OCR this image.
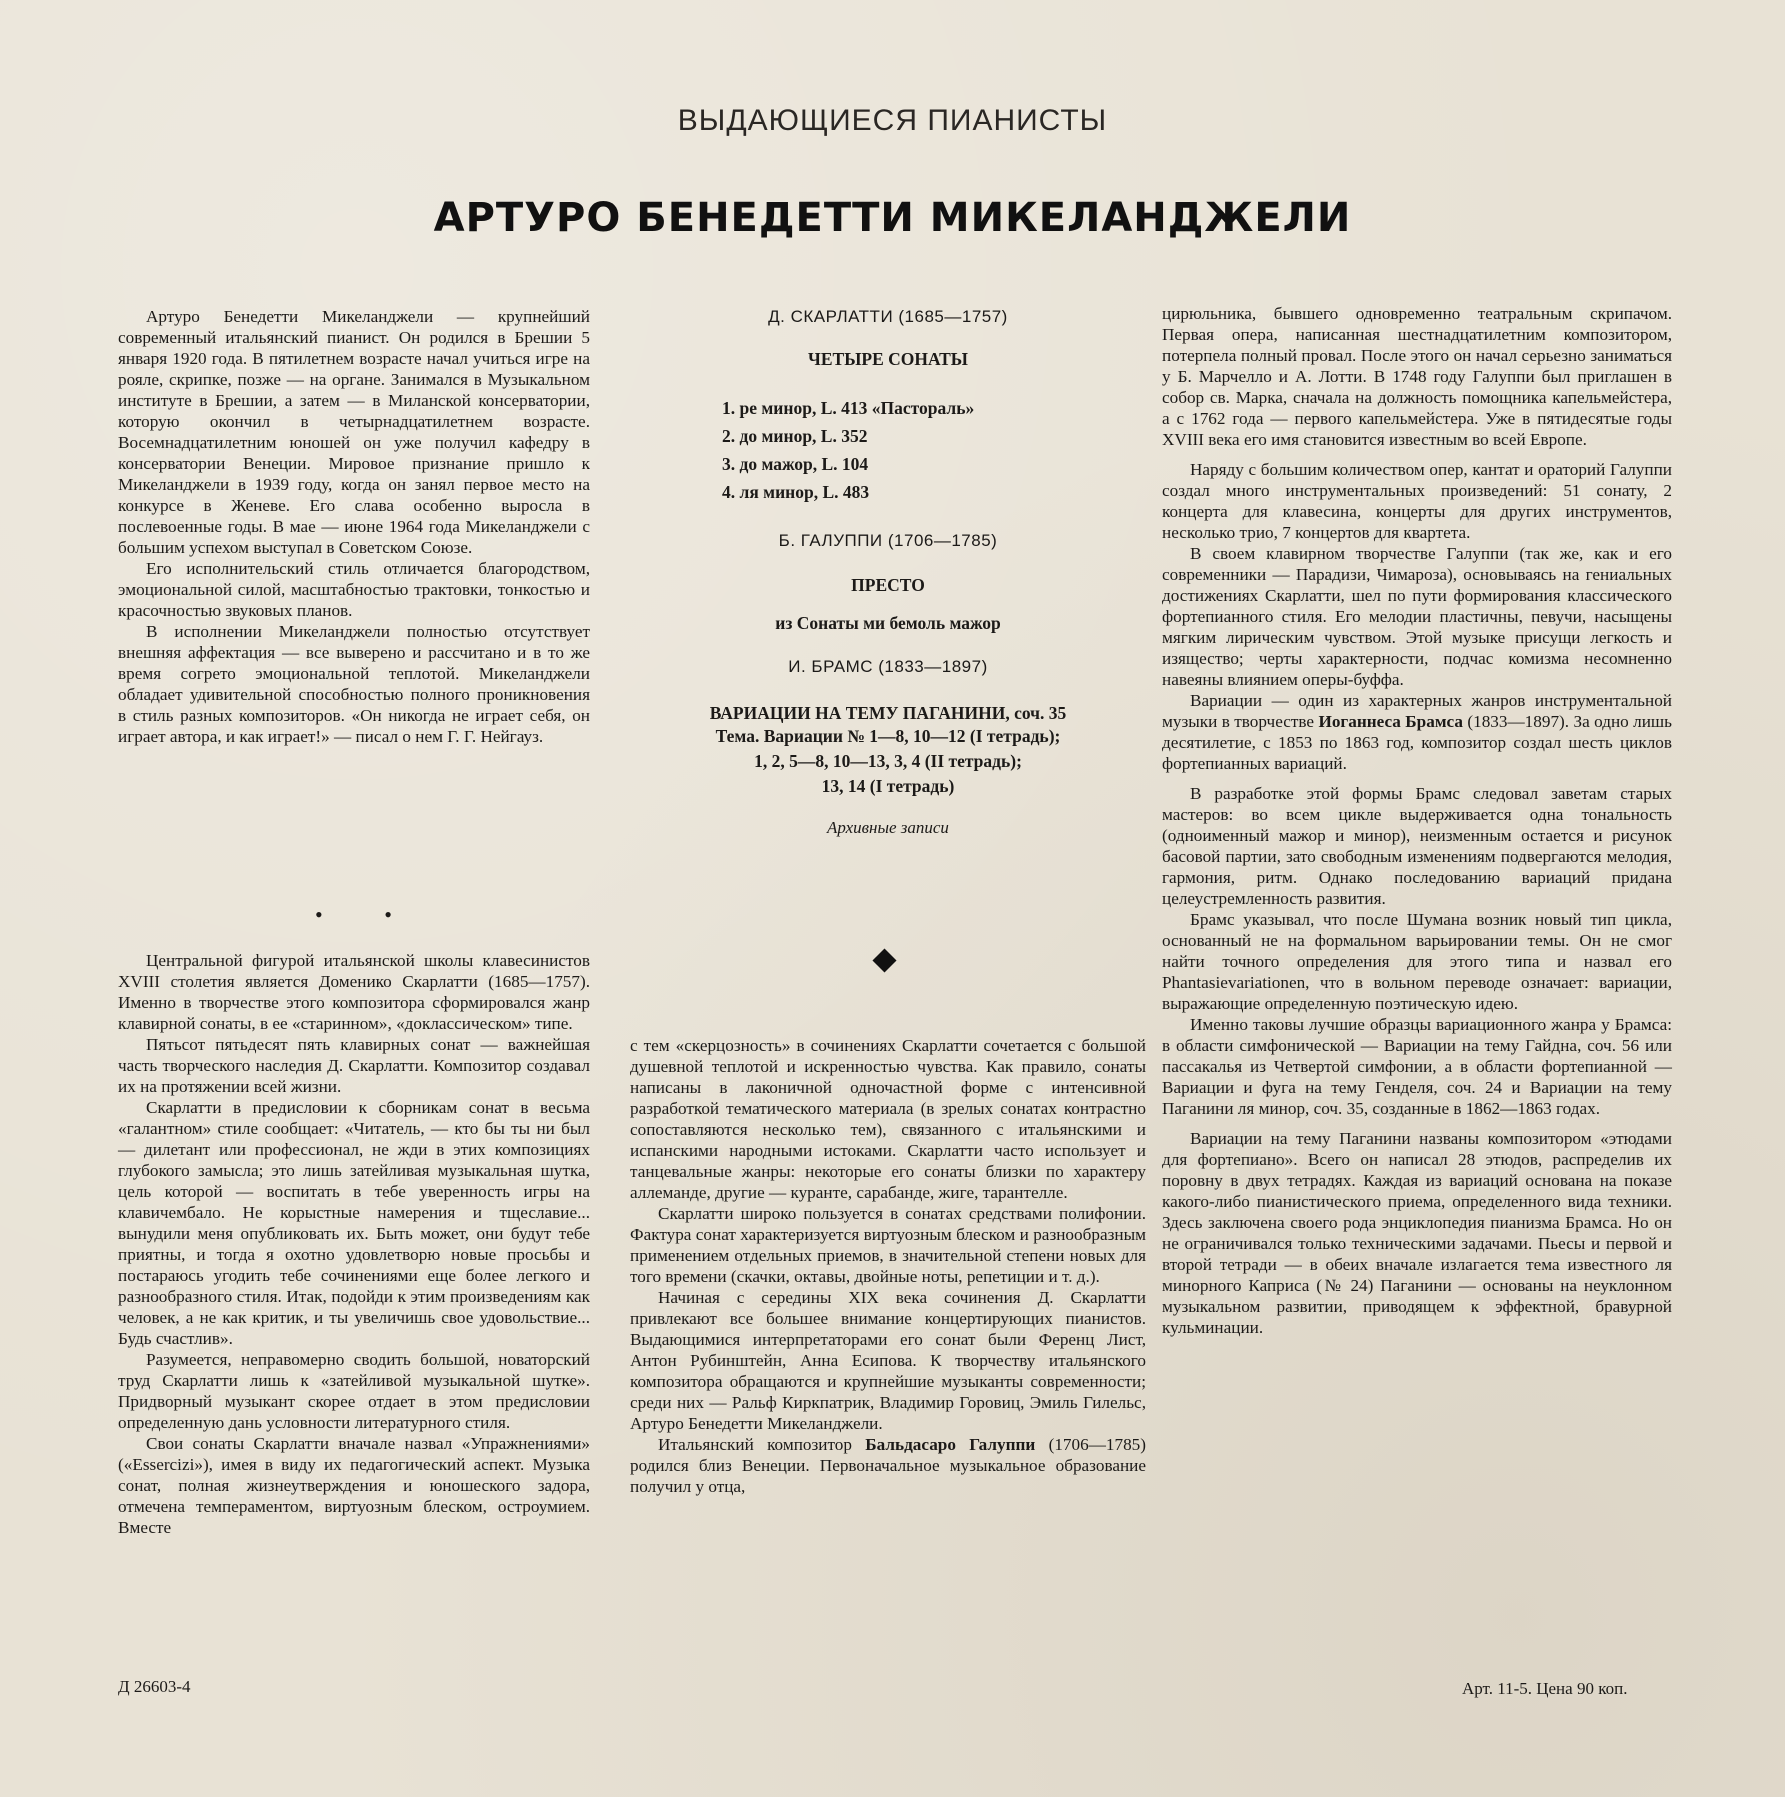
ВЫДАЮЩИЕСЯ ПИАНИСТЫ
АРТУРО БЕНЕДЕТТИ МИКЕЛАНДЖЕЛИ

Артуро Бенедетти Микеланджели — крупнейший современный итальянский пианист. Он родился в Брешии 5 января 1920 года. В пятилетнем возрасте начал учиться игре на рояле, скрипке, позже — на органе. Занимался в Музыкальном институте в Брешии, а затем — в Миланской консерватории, которую окончил в четырнадцатилетнем возрасте. Восемнадцатилетним юношей он уже получил кафедру в консерватории Венеции. Мировое признание пришло к Микеланджели в 1939 году, когда он занял первое место на конкурсе в Женеве. Его слава особенно выросла в послевоенные годы. В мае — июне 1964 года Микеланджели с большим успехом выступал в Советском Союзе.

Его исполнительский стиль отличается благородством, эмоциональной силой, масштабностью трактовки, тонкостью и красочностью звуковых планов.

В исполнении Микеланджели полностью отсутствует внешняя аффектация — все выверено и рассчитано и в то же время согрето эмоциональной теплотой. Микеланджели обладает удивительной способностью полного проникновения в стиль разных композиторов. «Он никогда не играет себя, он играет автора, и как играет!» — писал о нем Г. Г. Нейгауз.

• •

Центральной фигурой итальянской школы клавесинистов XVIII столетия является Доменико Скарлатти (1685—1757). Именно в творчестве этого композитора сформировался жанр клавирной сонаты, в ее «старинном», «доклассическом» типе.

Пятьсот пятьдесят пять клавирных сонат — важнейшая часть творческого наследия Д. Скарлатти. Композитор создавал их на протяжении всей жизни.

Скарлатти в предисловии к сборникам сонат в весьма «галантном» стиле сообщает: «Читатель, — кто бы ты ни был — дилетант или профессионал, не жди в этих композициях глубокого замысла; это лишь затейливая музыкальная шутка, цель которой — воспитать в тебе уверенность игры на клавичембало. Не корыстные намерения и тщеславие... вынудили меня опубликовать их. Быть может, они будут тебе приятны, и тогда я охотно удовлетворю новые просьбы и постараюсь угодить тебе сочинениями еще более легкого и разнообразного стиля. Итак, подойди к этим произведениям как человек, а не как критик, и ты увеличишь свое удовольствие... Будь счастлив».

Разумеется, неправомерно сводить большой, новаторский труд Скарлатти лишь к «затейливой музыкальной шутке». Придворный музыкант скорее отдает в этом предисловии определенную дань условности литературного стиля.

Свои сонаты Скарлатти вначале назвал «Упражнениями» («Essercizi»), имея в виду их педагогический аспект. Музыка сонат, полная жизнеутверждения и юношеского задора, отмечена темпераментом, виртуозным блеском, остроумием. Вместе

Д. СКАРЛАТТИ (1685—1757)
ЧЕТЫРЕ СОНАТЫ
1. ре минор, L. 413 «Пастораль»
2. до минор, L. 352
3. до мажор, L. 104
4. ля минор, L. 483
Б. ГАЛУППИ (1706—1785)
ПРЕСТО
из Сонаты ми бемоль мажор
И. БРАМС (1833—1897)
ВАРИАЦИИ НА ТЕМУ ПАГАНИНИ, соч. 35
Тема. Вариации № 1—8, 10—12 (I тетрадь);
1, 2, 5—8, 10—13, 3, 4 (II тетрадь);
13, 14 (I тетрадь)
Архивные записи

с тем «скерцозность» в сочинениях Скарлатти сочетается с большой душевной теплотой и искренностью чувства. Как правило, сонаты написаны в лаконичной одночастной форме с интенсивной разработкой тематического материала (в зрелых сонатах контрастно сопоставляются несколько тем), связанного с итальянскими и испанскими народными истоками. Скарлатти часто использует и танцевальные жанры: некоторые его сонаты близки по характеру аллеманде, другие — куранте, сарабанде, жиге, тарантелле.

Скарлатти широко пользуется в сонатах средствами полифонии. Фактура сонат характеризуется виртуозным блеском и разнообразным применением отдельных приемов, в значительной степени новых для того времени (скачки, октавы, двойные ноты, репетиции и т. д.).

Начиная с середины XIX века сочинения Д. Скарлатти привлекают все большее внимание концертирующих пианистов. Выдающимися интерпретаторами его сонат были Ференц Лист, Антон Рубинштейн, Анна Есипова. К творчеству итальянского композитора обращаются и крупнейшие музыканты современности; среди них — Ральф Киркпатрик, Владимир Горовиц, Эмиль Гилельс, Артуро Бенедетти Микеланджели.

Итальянский композитор Бальдасаро Галуппи (1706—1785) родился близ Венеции. Первоначальное музыкальное образование получил у отца,

цирюльника, бывшего одновременно театральным скрипачом. Первая опера, написанная шестнадцатилетним композитором, потерпела полный провал. После этого он начал серьезно заниматься у Б. Марчелло и А. Лотти. В 1748 году Галуппи был приглашен в собор св. Марка, сначала на должность помощника капельмейстера, а с 1762 года — первого капельмейстера. Уже в пятидесятые годы XVIII века его имя становится известным во всей Европе.

Наряду с большим количеством опер, кантат и ораторий Галуппи создал много инструментальных произведений: 51 сонату, 2 концерта для клавесина, концерты для других инструментов, несколько трио, 7 концертов для квартета.

В своем клавирном творчестве Галуппи (так же, как и его современники — Парадизи, Чимароза), основываясь на гениальных достижениях Скарлатти, шел по пути формирования классического фортепианного стиля. Его мелодии пластичны, певучи, насыщены мягким лирическим чувством. Этой музыке присущи легкость и изящество; черты характерности, подчас комизма несомненно навеяны влиянием оперы-буффа.

Вариации — один из характерных жанров инструментальной музыки в творчестве Иоганнеса Брамса (1833—1897). За одно лишь десятилетие, с 1853 по 1863 год, композитор создал шесть циклов фортепианных вариаций.

В разработке этой формы Брамс следовал заветам старых мастеров: во всем цикле выдерживается одна тональность (одноименный мажор и минор), неизменным остается и рисунок басовой партии, зато свободным изменениям подвергаются мелодия, гармония, ритм. Однако последованию вариаций придана целеустремленность развития.

Брамс указывал, что после Шумана возник новый тип цикла, основанный не на формальном варьировании темы. Он не смог найти точного определения для этого типа и назвал его Phantasievariationen, что в вольном переводе означает: вариации, выражающие определенную поэтическую идею.

Именно таковы лучшие образцы вариационного жанра у Брамса: в области симфонической — Вариации на тему Гайдна, соч. 56 или пассакалья из Четвертой симфонии, а в области фортепианной — Вариации и фуга на тему Генделя, соч. 24 и Вариации на тему Паганини ля минор, соч. 35, созданные в 1862—1863 годах.

Вариации на тему Паганини названы композитором «этюдами для фортепиано». Всего он написал 28 этюдов, распределив их поровну в двух тетрадях. Каждая из вариаций основана на показе какого-либо пианистического приема, определенного вида техники. Здесь заключена своего рода энциклопедия пианизма Брамса. Но он не ограничивался только техническими задачами. Пьесы и первой и второй тетради — в обеих вначале излагается тема известного ля минорного Каприса (№ 24) Паганини — основаны на неуклонном музыкальном развитии, приводящем к эффектной, бравурной кульминации.

Д 26603-4	Арт. 11-5. Цена 90 коп.
